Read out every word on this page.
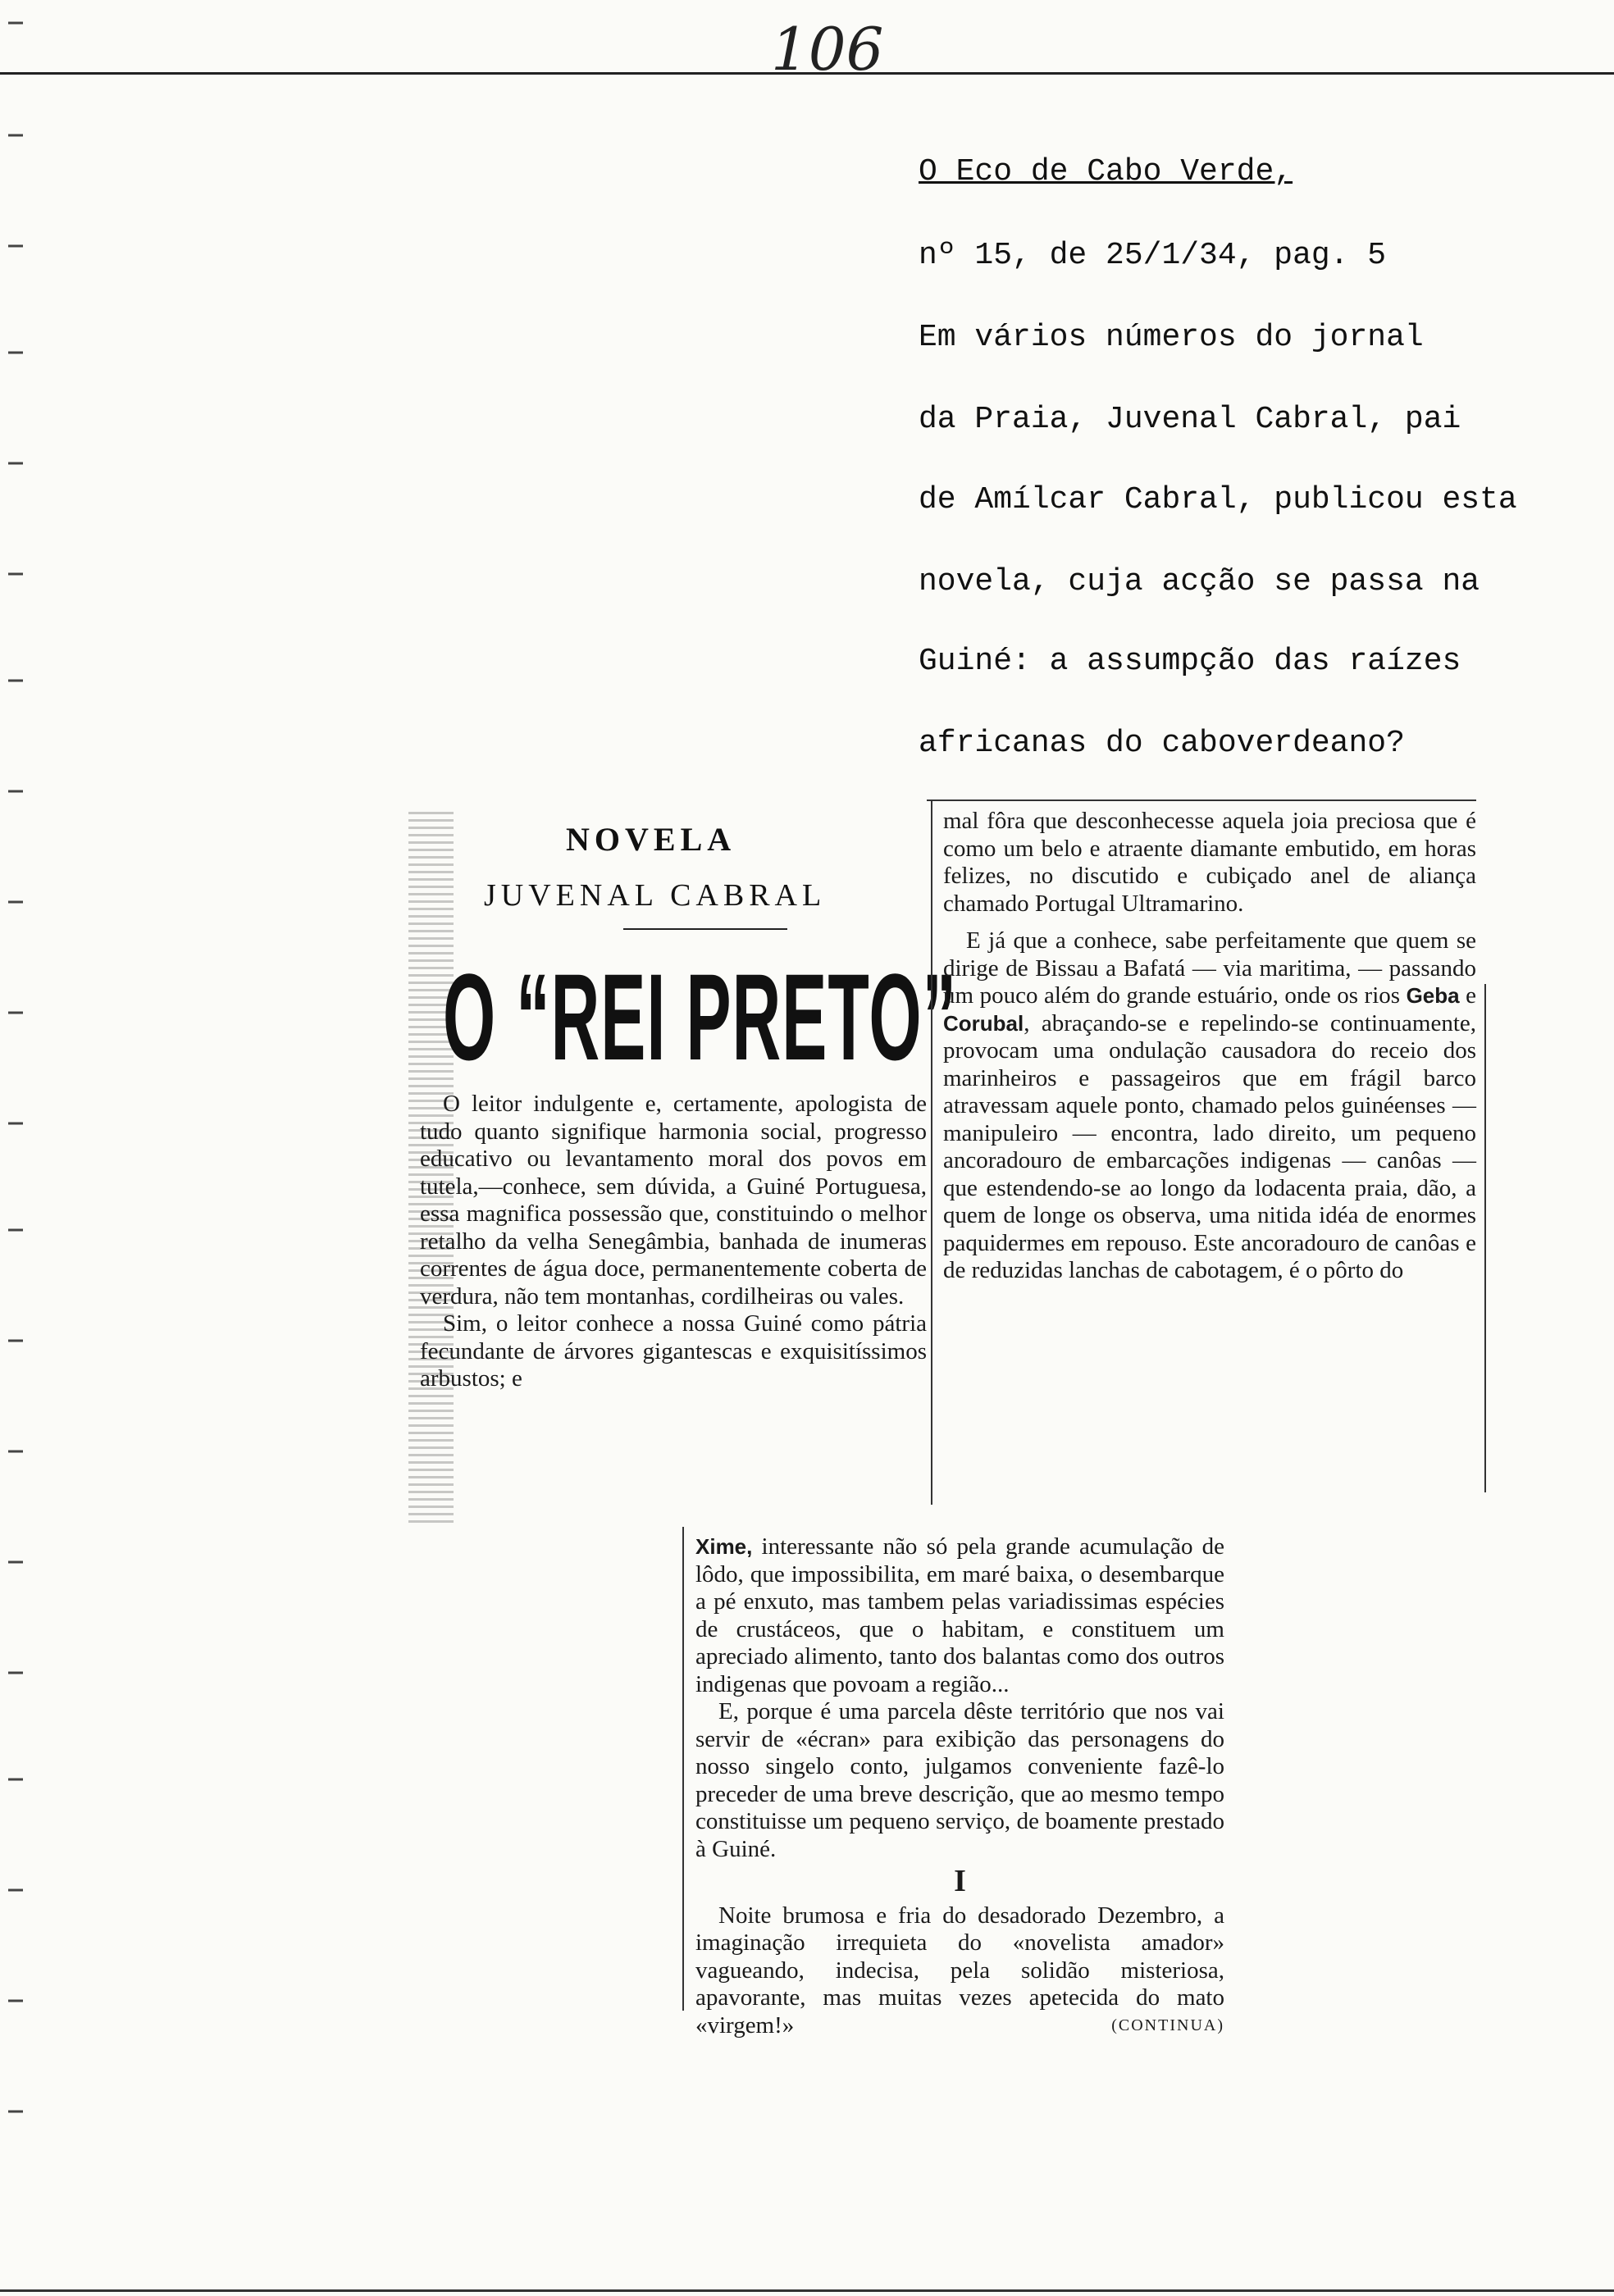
106
O Eco de Cabo Verde,
nº 15, de 25/1/34, pag. 5
Em vários números do jornal
da Praia, Juvenal Cabral, pai
de Amílcar Cabral, publicou esta
novela, cuja acção se passa na
Guiné: a assumpção das raízes
africanas do caboverdeano?
NOVELA
JUVENAL CABRAL
O “REI PRETO”

O leitor indulgente e, certamente, apologista de tudo quanto signifique harmonia social, progresso educativo ou levantamento moral dos povos em tutela,—conhece, sem dúvida, a Guiné Portuguesa, essa magnifica possessão que, constituindo o melhor retalho da velha Senegâmbia, banhada de inumeras correntes de água doce, permanentemente coberta de verdura, não tem montanhas, cordilheiras ou vales.

Sim, o leitor conhece a nossa Guiné como pátria fecundante de árvores gigantescas e exquisitíssimos arbustos; e

mal fôra que desconhecesse aquela joia preciosa que é como um belo e atraente diamante embutido, em horas felizes, no discutido e cubiçado anel de aliança chamado Portugal Ultramarino.

E já que a conhece, sabe perfeitamente que quem se dirige de Bissau a Bafatá — via maritima, — passando um pouco além do grande estuário, onde os rios Geba e Corubal, abraçando-se e repelindo-se continuamente, provocam uma ondulação causadora do receio dos marinheiros e passageiros que em frágil barco atravessam aquele ponto, chamado pelos guinéenses — manipuleiro — encontra, lado direito, um pequeno ancoradouro de embarcações indigenas — canôas — que estendendo-se ao longo da lodacenta praia, dão, a quem de longe os observa, uma nitida idéa de enormes paquidermes em repouso. Este ancoradouro de canôas e de reduzidas lanchas de cabotagem, é o pôrto do

Xime, interessante não só pela grande acumulação de lôdo, que impossibilita, em maré baixa, o desembarque a pé enxuto, mas tambem pelas variadissimas espécies de crustáceos, que o habitam, e constituem um apreciado alimento, tanto dos balantas como dos outros indigenas que povoam a região...

E, porque é uma parcela dêste território que nos vai servir de «écran» para exibição das personagens do nosso singelo conto, julgamos conveniente fazê-lo preceder de uma breve descrição, que ao mesmo tempo constituisse um pequeno serviço, de boamente prestado à Guiné.

I

Noite brumosa e fria do desadorado Dezembro, a imaginação irrequieta do «novelista amador» vagueando, indecisa, pela solidão misteriosa, apavorante, mas muitas vezes apetecida do mato «virgem!»	(CONTINUA)
